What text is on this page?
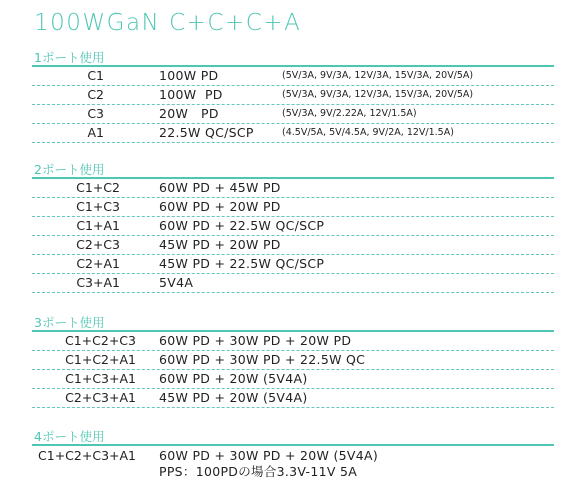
100WGaN C+C+C+A
1ポート使用
C1	100W PD	(5V/3A, 9V/3A, 12V/3A, 15V/3A, 20V/5A)
C2	100W  PD	(5V/3A, 9V/3A, 12V/3A, 15V/3A, 20V/5A)
C3	20W   PD	(5V/3A, 9V/2.22A, 12V/1.5A)
A1	22.5W QC/SCP	(4.5V/5A, 5V/4.5A, 9V/2A, 12V/1.5A)
2ポート使用
C1+C2	60W PD + 45W PD
C1+C3	60W PD + 20W PD
C1+A1	60W PD + 22.5W QC/SCP
C2+C3	45W PD + 20W PD
C2+A1	45W PD + 22.5W QC/SCP
C3+A1	5V4A
3ポート使用
C1+C2+C3 60W PD + 30W PD + 20W PD
C1+C2+A1 60W PD + 30W PD + 22.5W QC
C1+C3+A1 60W PD + 20W (5V4A)
C2+C3+A1 45W PD + 20W (5V4A)
4ポート使用
C1+C2+C3+A1 60W PD + 30W PD + 20W (5V4A)
PPS：100PDの場合3.3V-11V 5A
